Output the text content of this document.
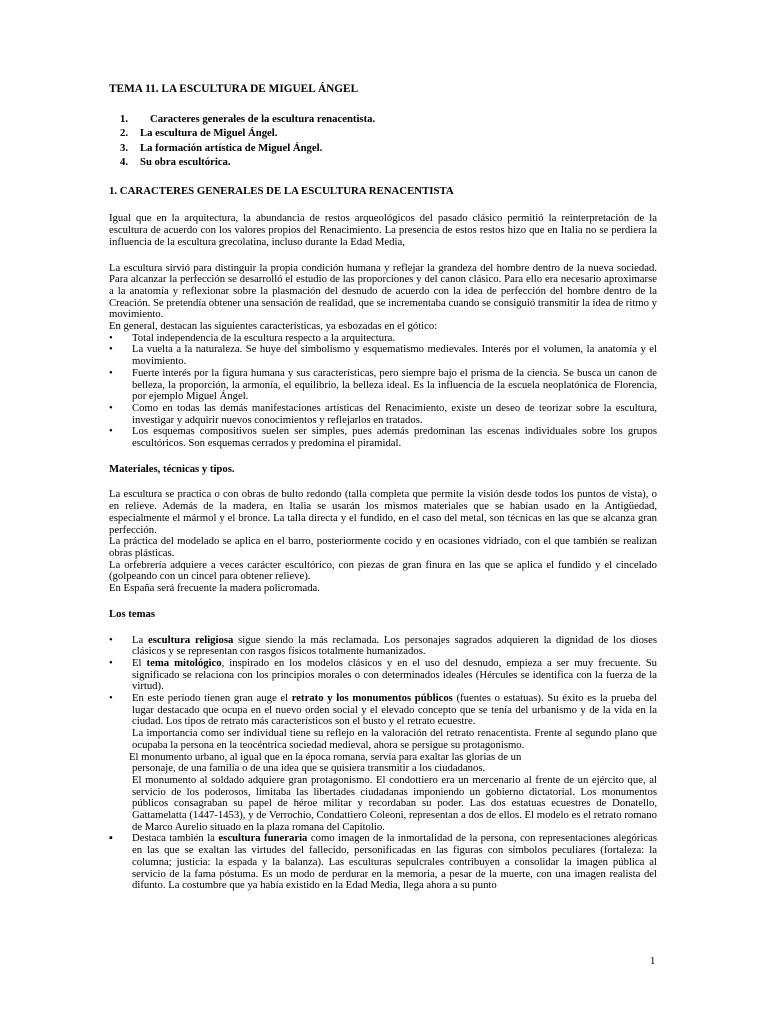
TEMA 11. LA ESCULTURA DE MIGUEL ÁNGEL
1.	Caracteres generales de la escultura renacentista.
2.	La escultura de Miguel Ángel.
3.	La formación artística de Miguel Ángel.
4.	Su obra escultórica.
1. CARACTERES GENERALES DE LA ESCULTURA RENACENTISTA

Igual que en la arquitectura, la abundancia de restos arqueológicos del pasado clásico permitió la reinterpretación de la escultura de acuerdo con los valores propios del Renacimiento. La presencia de estos restos hizo que en Italia no se perdiera la influencia de la escultura grecolatina, incluso durante la Edad Media,

La escultura sirvió para distinguir la propia condición humana y reflejar la grandeza del hombre dentro de la nueva sociedad. Para alcanzar la perfección se desarrolló el estudio de las proporciones y del canon clásico. Para ello era necesario aproximarse a la anatomía y reflexionar sobre la plasmación del desnudo de acuerdo con la idea de perfección del hombre dentro de la Creación. Se pretendía obtener una sensación de realidad, que se incrementaba cuando se consiguió transmitir la idea de ritmo y movimiento.

En general, destacan las siguientes características, ya esbozadas en el gótico:

• Total independencia de la escultura respecto a la arquitectura.
• La vuelta a la naturaleza. Se huye del simbolismo y esquematismo medievales. Interés por el volumen, la anatomía y el movimiento.
• Fuerte interés por la figura humana y sus características, pero siempre bajo el prisma de la ciencia. Se busca un canon de belleza, la proporción, la armonía, el equilibrio, la belleza ideal. Es la influencia de la escuela neoplatónica de Florencia, por ejemplo Miguel Ángel.
• Como en todas las demás manifestaciones artísticas del Renacimiento, existe un deseo de teorizar sobre la escultura, investigar y adquirir nuevos conocimientos y reflejarlos en tratados.
• Los esquemas compositivos suelen ser simples, pues además predominan las escenas individuales sobre los grupos escultóricos. Son esquemas cerrados y predomina el piramidal.
Materiales, técnicas y tipos.

La escultura se practica o con obras de bulto redondo (talla completa que permite la visión desde todos los puntos de vista), o en relieve. Además de la madera, en Italia se usarán los mismos materiales que se habían usado en la Antigüedad, especialmente el mármol y el bronce. La talla directa y el fundido, en el caso del metal, son técnicas en las que se alcanza gran perfección.

La práctica del modelado se aplica en el barro, posteriormente cocido y en ocasiones vidriado, con el que también se realizan obras plásticas.

La orfebrería adquiere a veces carácter escultórico, con piezas de gran finura en las que se aplica el fundido y el cincelado (golpeando con un cincel para obtener relieve).

En España será frecuente la madera policromada.

Los temas
• La escultura religiosa sigue siendo la más reclamada. Los personajes sagrados adquieren la dignidad de los dioses clásicos y se representan con rasgos físicos totalmente humanizados.
• El tema mitológico, inspirado en los modelos clásicos y en el uso del desnudo, empieza a ser muy frecuente. Su significado se relaciona con los principios morales o con determinados ideales (Hércules se identifica con la fuerza de la virtud).
• En este período tienen gran auge el retrato y los monumentos públicos (fuentes o estatuas). Su éxito es la prueba del lugar destacado que ocupa en el nuevo orden social y el elevado concepto que se tenía del urbanismo y de la vida en la ciudad. Los tipos de retrato más característicos son el busto y el retrato ecuestre.
La importancia como ser individual tiene su reflejo en la valoración del retrato renacentista. Frente al segundo plano que ocupaba la persona en la teocéntrica sociedad medieval, ahora se persigue su protagonismo.
El monumento urbano, al igual que en la época romana, servía para exaltar las glorias de un
personaje, de una familia o de una idea que se quisiera transmitir a los ciudadanos.
El monumento al soldado adquiere gran protagonismo. El condottiero era un mercenario al frente de un ejército que, al servicio de los poderosos, limitaba las libertades ciudadanas imponiendo un gobierno dictatorial. Los monumentos públicos consagraban su papel de héroe militar y recordaban su poder. Las dos estatuas ecuestres de Donatello, Gattamelatta (1447-1453), y de Verrochio, Condattiero Coleoni, representan a dos de ellos. El modelo es el retrato romano de Marco Aurelio situado en la plaza romana del Capitolio.
▪ Destaca también la escultura funeraria como imagen de la inmortalidad de la persona, con representaciones alegóricas en las que se exaltan las virtudes del fallecido, personificadas en las figuras con símbolos peculiares (fortaleza: la columna; justicia: la espada y la balanza). Las esculturas sepulcrales contribuyen a consolidar la imagen pública al servicio de la fama póstuma. Es un modo de perdurar en la memoria, a pesar de la muerte, con una imagen realista del difunto. La costumbre que ya había existido en la Edad Media, llega ahora a su punto
1
